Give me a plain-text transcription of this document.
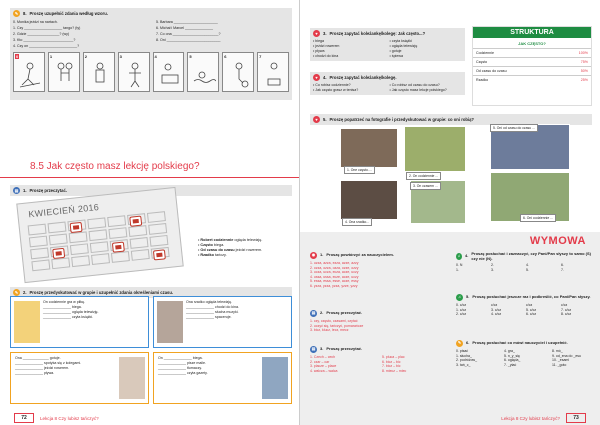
✎	8. Proszę uzupełnić zdania według wzoru.
0. Monika jeździ na nartach.	5. Barbara ______________________
1. Czy ___________________ tango? (ty)	6. Michał i Marcel ______________
2. Gdzie ________________? (wy)	7. Co ona _______________________?
3. Kto _________________________?	8. Oni ___________________________
4. Czy on ________________________?
0	1	2	3	4	5	6	7
8.5 Jak często masz lekcję polskiego?
▤	1. Proszę przeczytać.
KWIECIEŃ 2016
• Robert codziennie ogląda telewizję.
• Często biega.
• Od czasu do czasu jeździ rowerem.
• Rzadko tańczy.
✎	2. Proszę przedyskutować w grupie i uzupełnić zdania określeniami czasu.
On codziennie gra w piłkę.
______________ biega.
______________ ogląda telewizję.
______________ czyta książki.
Ona rzadko ogląda telewizję.
______________ chodzi do kina.
______________ słucha muzyki.
______________ spaceruje.
Ona _____________ gotuje.
______________ spotyka się z kolegami.
______________ jeździ rowerem.
______________ pływa.
On ______________ biega.
______________ pisze maile.
______________ tłumaczy.
______________ czyta gazety.
72	Lekcja 8 Czy lubisz tańczyć?
♥	3. Proszę zapytać koleżankę/kolegę: Jak często...?
• biega	• czyta książki
• jeździ rowerem	• ogląda telewizję
• pływa	• gotuje
• chodzi do kina	• śpiewa
♥	4. Proszę zapytać koleżankę/kolegę.
• Co robisz codziennie?	• Co robisz od czasu do czasu?
• Jak często grasz w tenisa?	• Jak często masz lekcje polskiego?
STRUKTURA
JAK CZĘSTO?
Codziennie	100%
Często	75%
Od czasu do czasu	50%
Rzadko	25%
♥	5. Proszę popatrzeć na fotografie i przedyskutować w grupie: co oni robią?
1. One często....
2. On codziennie ...
4. Ona rzadko...
3. On czasem ...
5. Oni od czasu do czasu ...
6. Oni codziennie ...
WYMOWA
◉	1. Proszę powtórzyć za nauczycielem.
1. uzza, azza, ezza, azze, azzy
2. ozza, ozza, ozza, ozze, ozzy
3. ucza, ucza, ecza, acze, uczy
4. ussa, ussa, ecze, acze, uczy
5. essa, essa, esse, acze, essy
6. yzza, yzza, yzza, yzze, yzzy
▤	2. Proszę przeczytać.
1. czy, często, czasami, czytać
2. uczyć się, tańczyć, pomarańcze
3. bicz, klucz, lecz, mecz
▤	3. Proszę przeczytać.
1. Czech – cech	5. pluca – plac
2. czar – car	6. bicz – bic
3. placze – place	7. bicz – bic
4. walcza – walca	8. miecz – miec
♫	4. Proszę posłuchać i zaznaczyć, czy Pani/Pan słyszy to samo (S) czy nie (N).
0. N	2.	4.	6.
1.	3.	5.	7.
♫	5. Proszę posłuchać jeszcze raz i podkreślić, co Pani/Pan słyszy.
0. c/cz	c/cz	c/cz	c/cz
1. c/cz	3. c/cz	5. c/cz	7. c/cz
2. c/cz	4. c/cz	6. c/cz	8. c/cz
✎	6. Proszę posłuchać co mówi nauczyciel i uzupełnić.
0. pisać	4. gra_	8. mó_
1. słucha_	5. n_y_się	9. od_ena do _esu
2. podróżow_	6. ogląda_	10. _esami
3. tań_c_	7. _ytać	11. _goto
Lekcja 8 Czy lubisz tańczyć?	73
